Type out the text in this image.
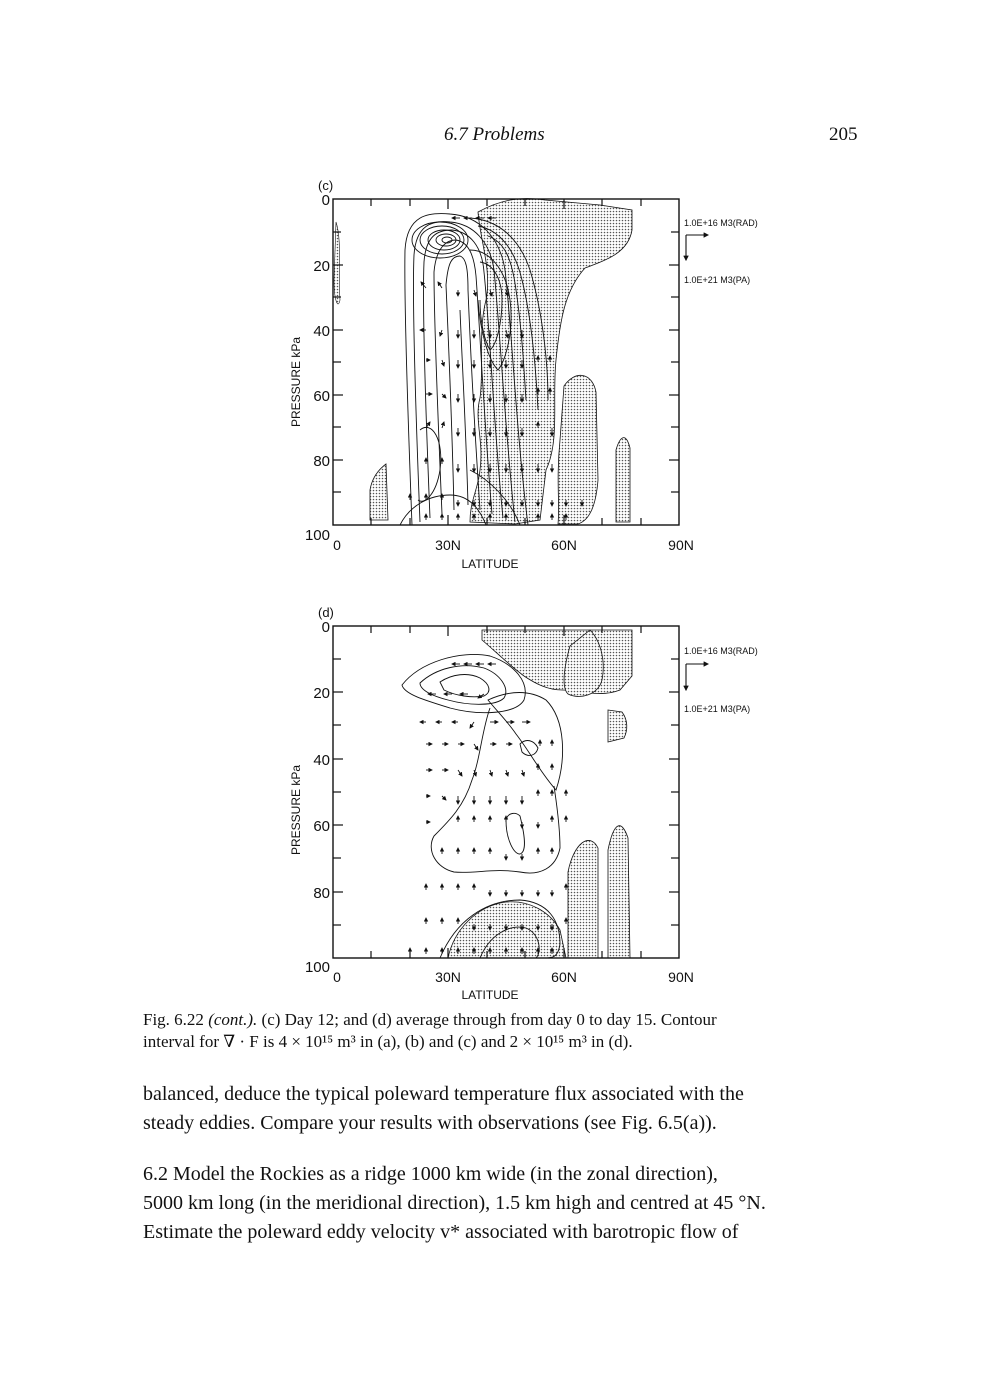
6.7 Problems	205
(c)
0
20
40
60
80
100
0	30N	60N	90N
LATITUDE
PRESSURE kPa
1.0E+16 M3(RAD)
1.0E+21 M3(PA)
(d)
0
20
40
60
80
100
0	30N	60N	90N
LATITUDE
PRESSURE kPa
1.0E+16 M3(RAD)
1.0E+21 M3(PA)
Fig. 6.22 (cont.). (c) Day 12; and (d) average through from day 0 to day 15. Contour
interval for ∇ · F is 4 × 10¹⁵ m³ in (a), (b) and (c) and 2 × 10¹⁵ m³ in (d).
balanced, deduce the typical poleward temperature flux associated with the
steady eddies. Compare your results with observations (see Fig. 6.5(a)).
6.2 Model the Rockies as a ridge 1000 km wide (in the zonal direction),
5000 km long (in the meridional direction), 1.5 km high and centred at 45 °N.
Estimate the poleward eddy velocity v* associated with barotropic flow of
